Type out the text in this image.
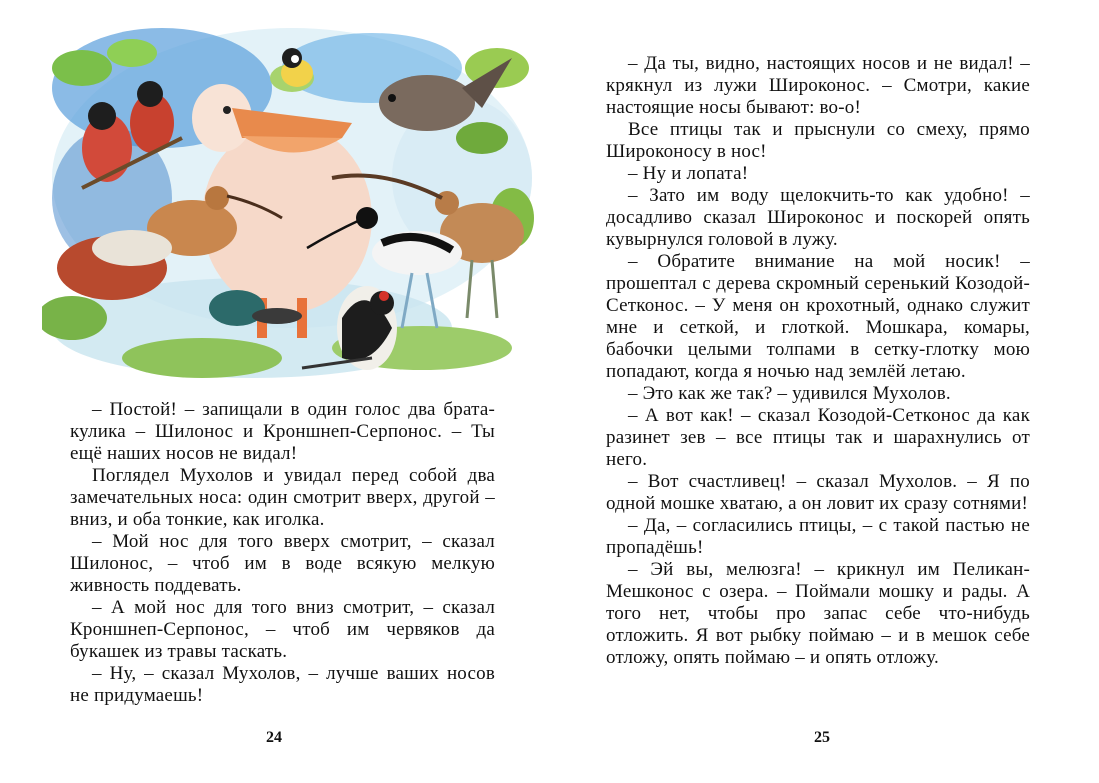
– Постой! – запищали в один голос два брата-кулика – Шилонос и Кроншнеп-Серпонос. – Ты ещё наших носов не видал!

Поглядел Мухолов и увидал перед собой два замечательных носа: один смотрит вверх, другой – вниз, и оба тонкие, как иголка.

– Мой нос для того вверх смотрит, – сказал Шилонос, – чтоб им в воде всякую мелкую живность поддевать.

– А мой нос для того вниз смотрит, – сказал Кроншнеп-Серпонос, – чтоб им червяков да букашек из травы таскать.

– Ну, – сказал Мухолов, – лучше ваших носов не придумаешь!

24

– Да ты, видно, настоящих носов и не видал! – крякнул из лужи Широконос. – Смотри, какие настоящие носы бывают: во-о!

Все птицы так и прыснули со смеху, прямо Широконосу в нос!

– Ну и лопата!

– Зато им воду щелокчить-то как удобно! – досадливо сказал Широконос и поскорей опять кувырнулся головой в лужу.

– Обратите внимание на мой носик! – прошептал с дерева скромный серенький Козодой-Сетконос. – У меня он крохотный, однако служит мне и сеткой, и глоткой. Мошкара, комары, бабочки целыми толпами в сетку-глотку мою попадают, когда я ночью над землёй летаю.

– Это как же так? – удивился Мухолов.

– А вот как! – сказал Козодой-Сетконос да как разинет зев – все птицы так и шарахнулись от него.

– Вот счастливец! – сказал Мухолов. – Я по одной мошке хватаю, а он ловит их сразу сотнями!

– Да, – согласились птицы, – с такой пастью не пропадёшь!

– Эй вы, мелюзга! – крикнул им Пеликан-Мешконос с озера. – Поймали мошку и рады. А того нет, чтобы про запас себе что-нибудь отложить. Я вот рыбку поймаю – и в мешок себе отложу, опять поймаю – и опять отложу.

25
